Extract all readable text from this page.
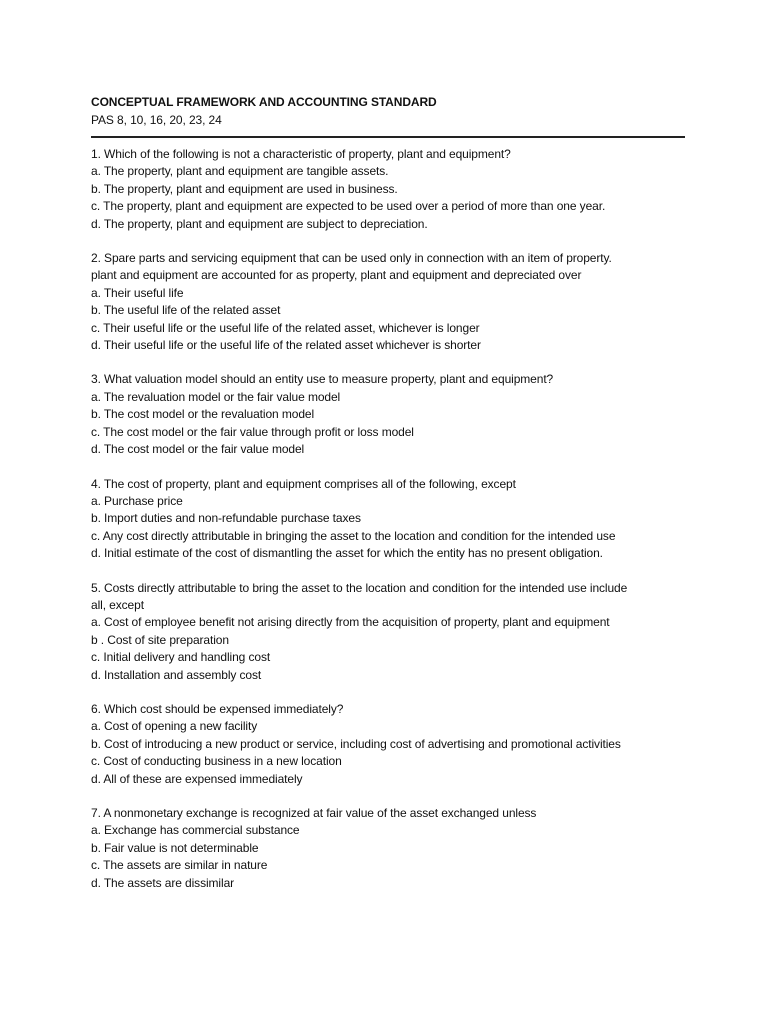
CONCEPTUAL FRAMEWORK AND ACCOUNTING STANDARD
PAS 8, 10, 16, 20, 23, 24
1. Which of the following is not a characteristic of property, plant and equipment?
a. The property, plant and equipment are tangible assets.
b. The property, plant and equipment are used in business.
c. The property, plant and equipment are expected to be used over a period of more than one year.
d. The property, plant and equipment are subject to depreciation.
2. Spare parts and servicing equipment that can be used only in connection with an item of property.
plant and equipment are accounted for as property, plant and equipment and depreciated over
a. Their useful life
b. The useful life of the related asset
c. Their useful life or the useful life of the related asset, whichever is longer
d. Their useful life or the useful life of the related asset whichever is shorter
3. What valuation model should an entity use to measure property, plant and equipment?
a. The revaluation model or the fair value model
b. The cost model or the revaluation model
c. The cost model or the fair value through profit or loss model
d. The cost model or the fair value model
4. The cost of property, plant and equipment comprises all of the following, except
a. Purchase price
b. Import duties and non-refundable purchase taxes
c. Any cost directly attributable in bringing the asset to the location and condition for the intended use
d. Initial estimate of the cost of dismantling the asset for which the entity has no present obligation.
5. Costs directly attributable to bring the asset to the location and condition for the intended use include
all, except
a. Cost of employee benefit not arising directly from the acquisition of property, plant and equipment
b . Cost of site preparation
c. Initial delivery and handling cost
d. Installation and assembly cost
6. Which cost should be expensed immediately?
a. Cost of opening a new facility
b. Cost of introducing a new product or service, including cost of advertising and promotional activities
c. Cost of conducting business in a new location
d. All of these are expensed immediately
7. A nonmonetary exchange is recognized at fair value of the asset exchanged unless
a. Exchange has commercial substance
b. Fair value is not determinable
c. The assets are similar in nature
d. The assets are dissimilar
